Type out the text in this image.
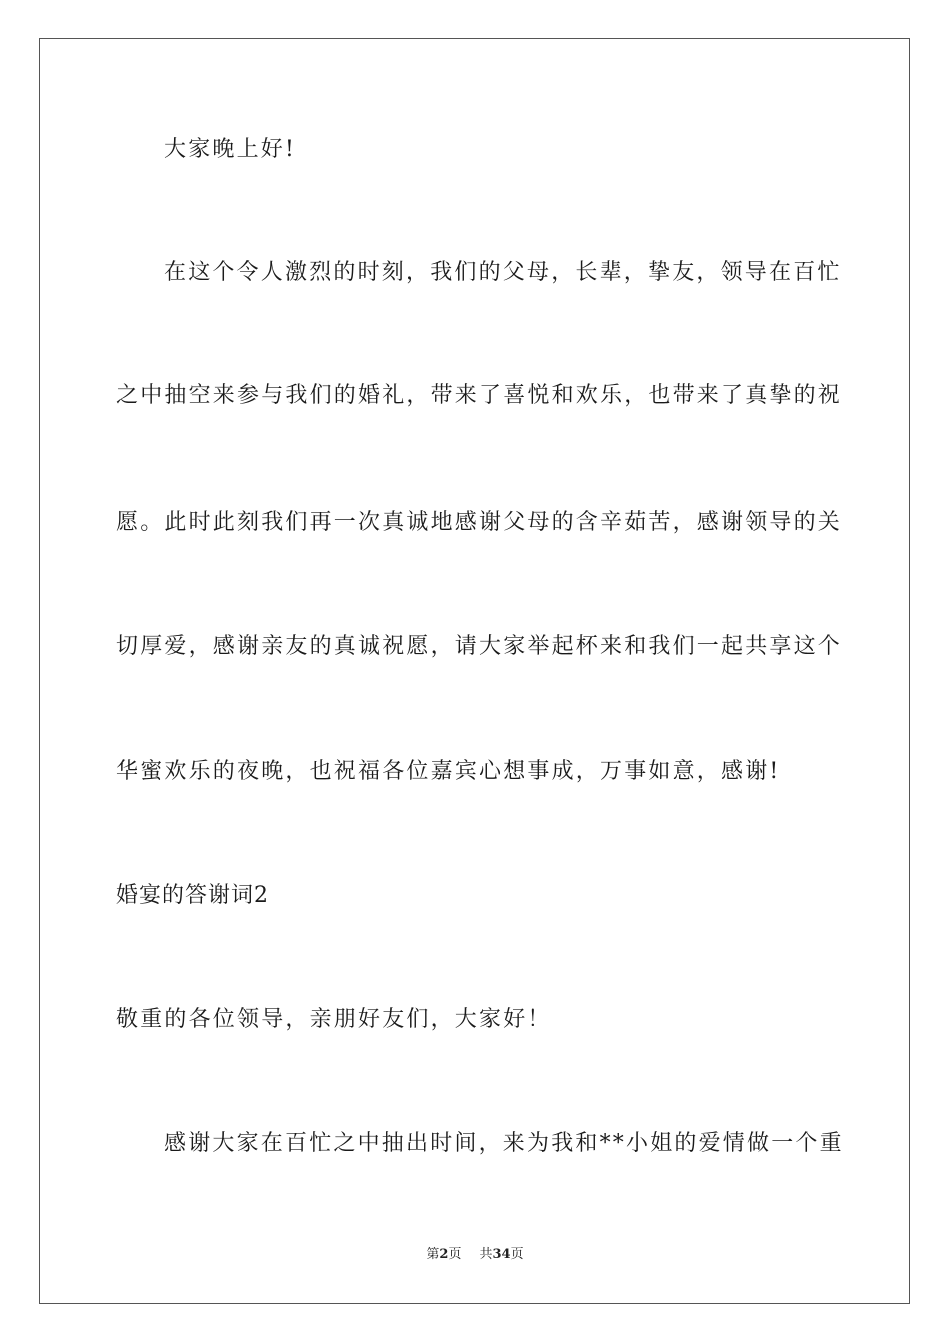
大家晚上好!
在这个令人激烈的时刻，我们的父母，长辈，挚友，领导在百忙
之中抽空来参与我们的婚礼，带来了喜悦和欢乐，也带来了真挚的祝
愿。此时此刻我们再一次真诚地感谢父母的含辛茹苦，感谢领导的关
切厚爱，感谢亲友的真诚祝愿，请大家举起杯来和我们一起共享这个
华蜜欢乐的夜晚，也祝福各位嘉宾心想事成，万事如意，感谢!
婚宴的答谢词2
敬重的各位领导，亲朋好友们，大家好！
感谢大家在百忙之中抽出时间，来为我和**小姐的爱情做一个重
第2页 共34页
